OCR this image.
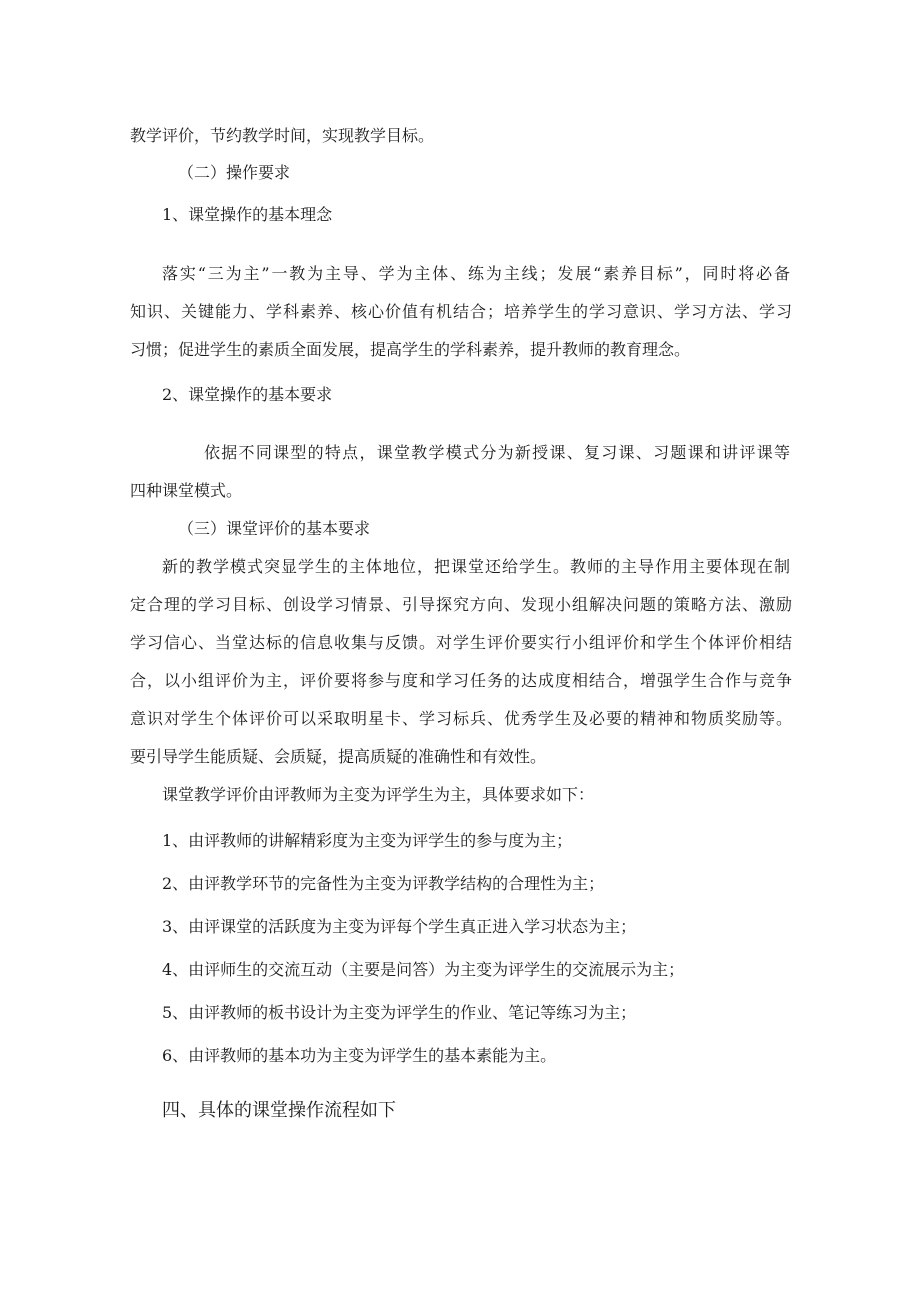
教学评价，节约教学时间，实现教学目标。

（二）操作要求

1、课堂操作的基本理念

落实“三为主”一教为主导、学为主体、练为主线；发展“素养目标”，同时将必备

知识、关键能力、学科素养、核心价值有机结合；培养学生的学习意识、学习方法、学习

习惯；促进学生的素质全面发展，提高学生的学科素养，提升教师的教育理念。

2、课堂操作的基本要求

依据不同课型的特点，课堂教学模式分为新授课、复习课、习题课和讲评课等

四种课堂模式。

（三）课堂评价的基本要求

新的教学模式突显学生的主体地位，把课堂还给学生。教师的主导作用主要体现在制

定合理的学习目标、创设学习情景、引导探究方向、发现小组解决问题的策略方法、激励

学习信心、当堂达标的信息收集与反馈。对学生评价要实行小组评价和学生个体评价相结

合，以小组评价为主，评价要将参与度和学习任务的达成度相结合，增强学生合作与竞争

意识对学生个体评价可以采取明星卡、学习标兵、优秀学生及必要的精神和物质奖励等。

要引导学生能质疑、会质疑，提高质疑的准确性和有效性。

课堂教学评价由评教师为主变为评学生为主，具体要求如下：

1、由评教师的讲解精彩度为主变为评学生的参与度为主；

2、由评教学环节的完备性为主变为评教学结构的合理性为主；

3、由评课堂的活跃度为主变为评每个学生真正进入学习状态为主；

4、由评师生的交流互动（主要是问答）为主变为评学生的交流展示为主；

5、由评教师的板书设计为主变为评学生的作业、笔记等练习为主；

6、由评教师的基本功为主变为评学生的基本素能为主。

四、具体的课堂操作流程如下
